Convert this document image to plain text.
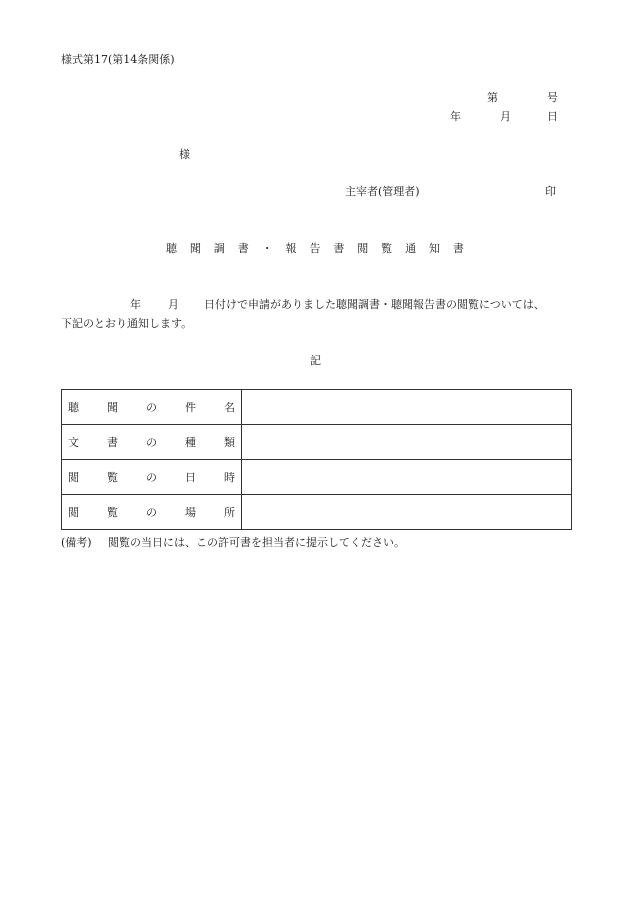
様式第17(第14条関係)
第	号
年	月	日
様
主宰者(管理者)	印
聴 聞 調 書 ・ 報 告 書 閲 覧 通 知 書
年 月 日付けで申請がありました聴聞調書・聴聞報告書の閲覧については、
下記のとおり通知します。
記
聴 聞 の 件 名	

文 書 の 種 類	

閲 覧 の 日 時	

閲 覧 の 場 所	

(備考) 閲覧の当日には、この許可書を担当者に提示してください。
